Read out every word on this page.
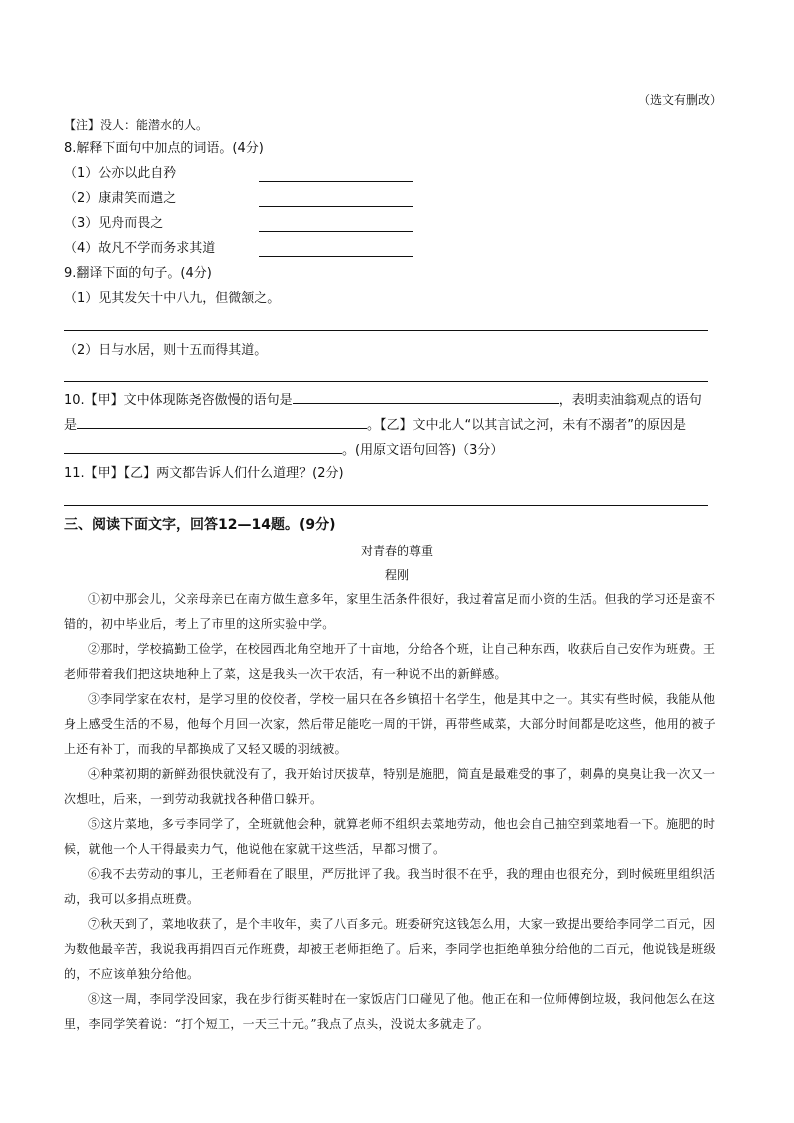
（选文有删改）
【注】没人：能潜水的人。
8.解释下面句中加点的词语。(4分)
（1）公亦以此自矜
（2）康肃笑而遣之
（3）见舟而畏之
（4）故凡不学而务求其道
9.翻译下面的句子。(4分)
（1）见其发矢十中八九，但微颔之。
（2）日与水居，则十五而得其道。
10.【甲】文中体现陈尧咨傲慢的语句是	，表明卖油翁观点的语句
是	。【乙】文中北人“以其言试之河，未有不溺者”的原因是
。(用原文语句回答)（3分）
11.【甲】【乙】两文都告诉人们什么道理？(2分)
三、阅读下面文字，回答12—14题。(9分)
对青春的尊重
程刚
①初中那会儿，父亲母亲已在南方做生意多年，家里生活条件很好，我过着富足而小资的生活。但我的学习还是蛮不错的，初中毕业后，考上了市里的这所实验中学。
②那时，学校搞勤工俭学，在校园西北角空地开了十亩地，分给各个班，让自己种东西，收获后自己安作为班费。王老师带着我们把这块地种上了菜，这是我头一次干农活，有一种说不出的新鲜感。
③李同学家在农村，是学习里的佼佼者，学校一届只在各乡镇招十名学生，他是其中之一。其实有些时候，我能从他身上感受生活的不易，他每个月回一次家，然后带足能吃一周的干饼，再带些咸菜，大部分时间都是吃这些，他用的被子上还有补丁，而我的早都换成了又轻又暖的羽绒被。
④种菜初期的新鲜劲很快就没有了，我开始讨厌拔草，特别是施肥，简直是最难受的事了，刺鼻的臭臭让我一次又一次想吐，后来，一到劳动我就找各种借口躲开。
⑤这片菜地，多亏李同学了，全班就他会种，就算老师不组织去菜地劳动，他也会自己抽空到菜地看一下。施肥的时候，就他一个人干得最卖力气，他说他在家就干这些活，早都习惯了。
⑥我不去劳动的事儿，王老师看在了眼里，严厉批评了我。我当时很不在乎，我的理由也很充分，到时候班里组织活动，我可以多捐点班费。
⑦秋天到了，菜地收获了，是个丰收年，卖了八百多元。班委研究这钱怎么用，大家一致提出要给李同学二百元，因为数他最辛苦，我说我再捐四百元作班费，却被王老师拒绝了。后来，李同学也拒绝单独分给他的二百元，他说钱是班级的，不应该单独分给他。
⑧这一周，李同学没回家，我在步行街买鞋时在一家饭店门口碰见了他。他正在和一位师傅倒垃圾，我问他怎么在这里，李同学笑着说：“打个短工，一天三十元。”我点了点头，没说太多就走了。
